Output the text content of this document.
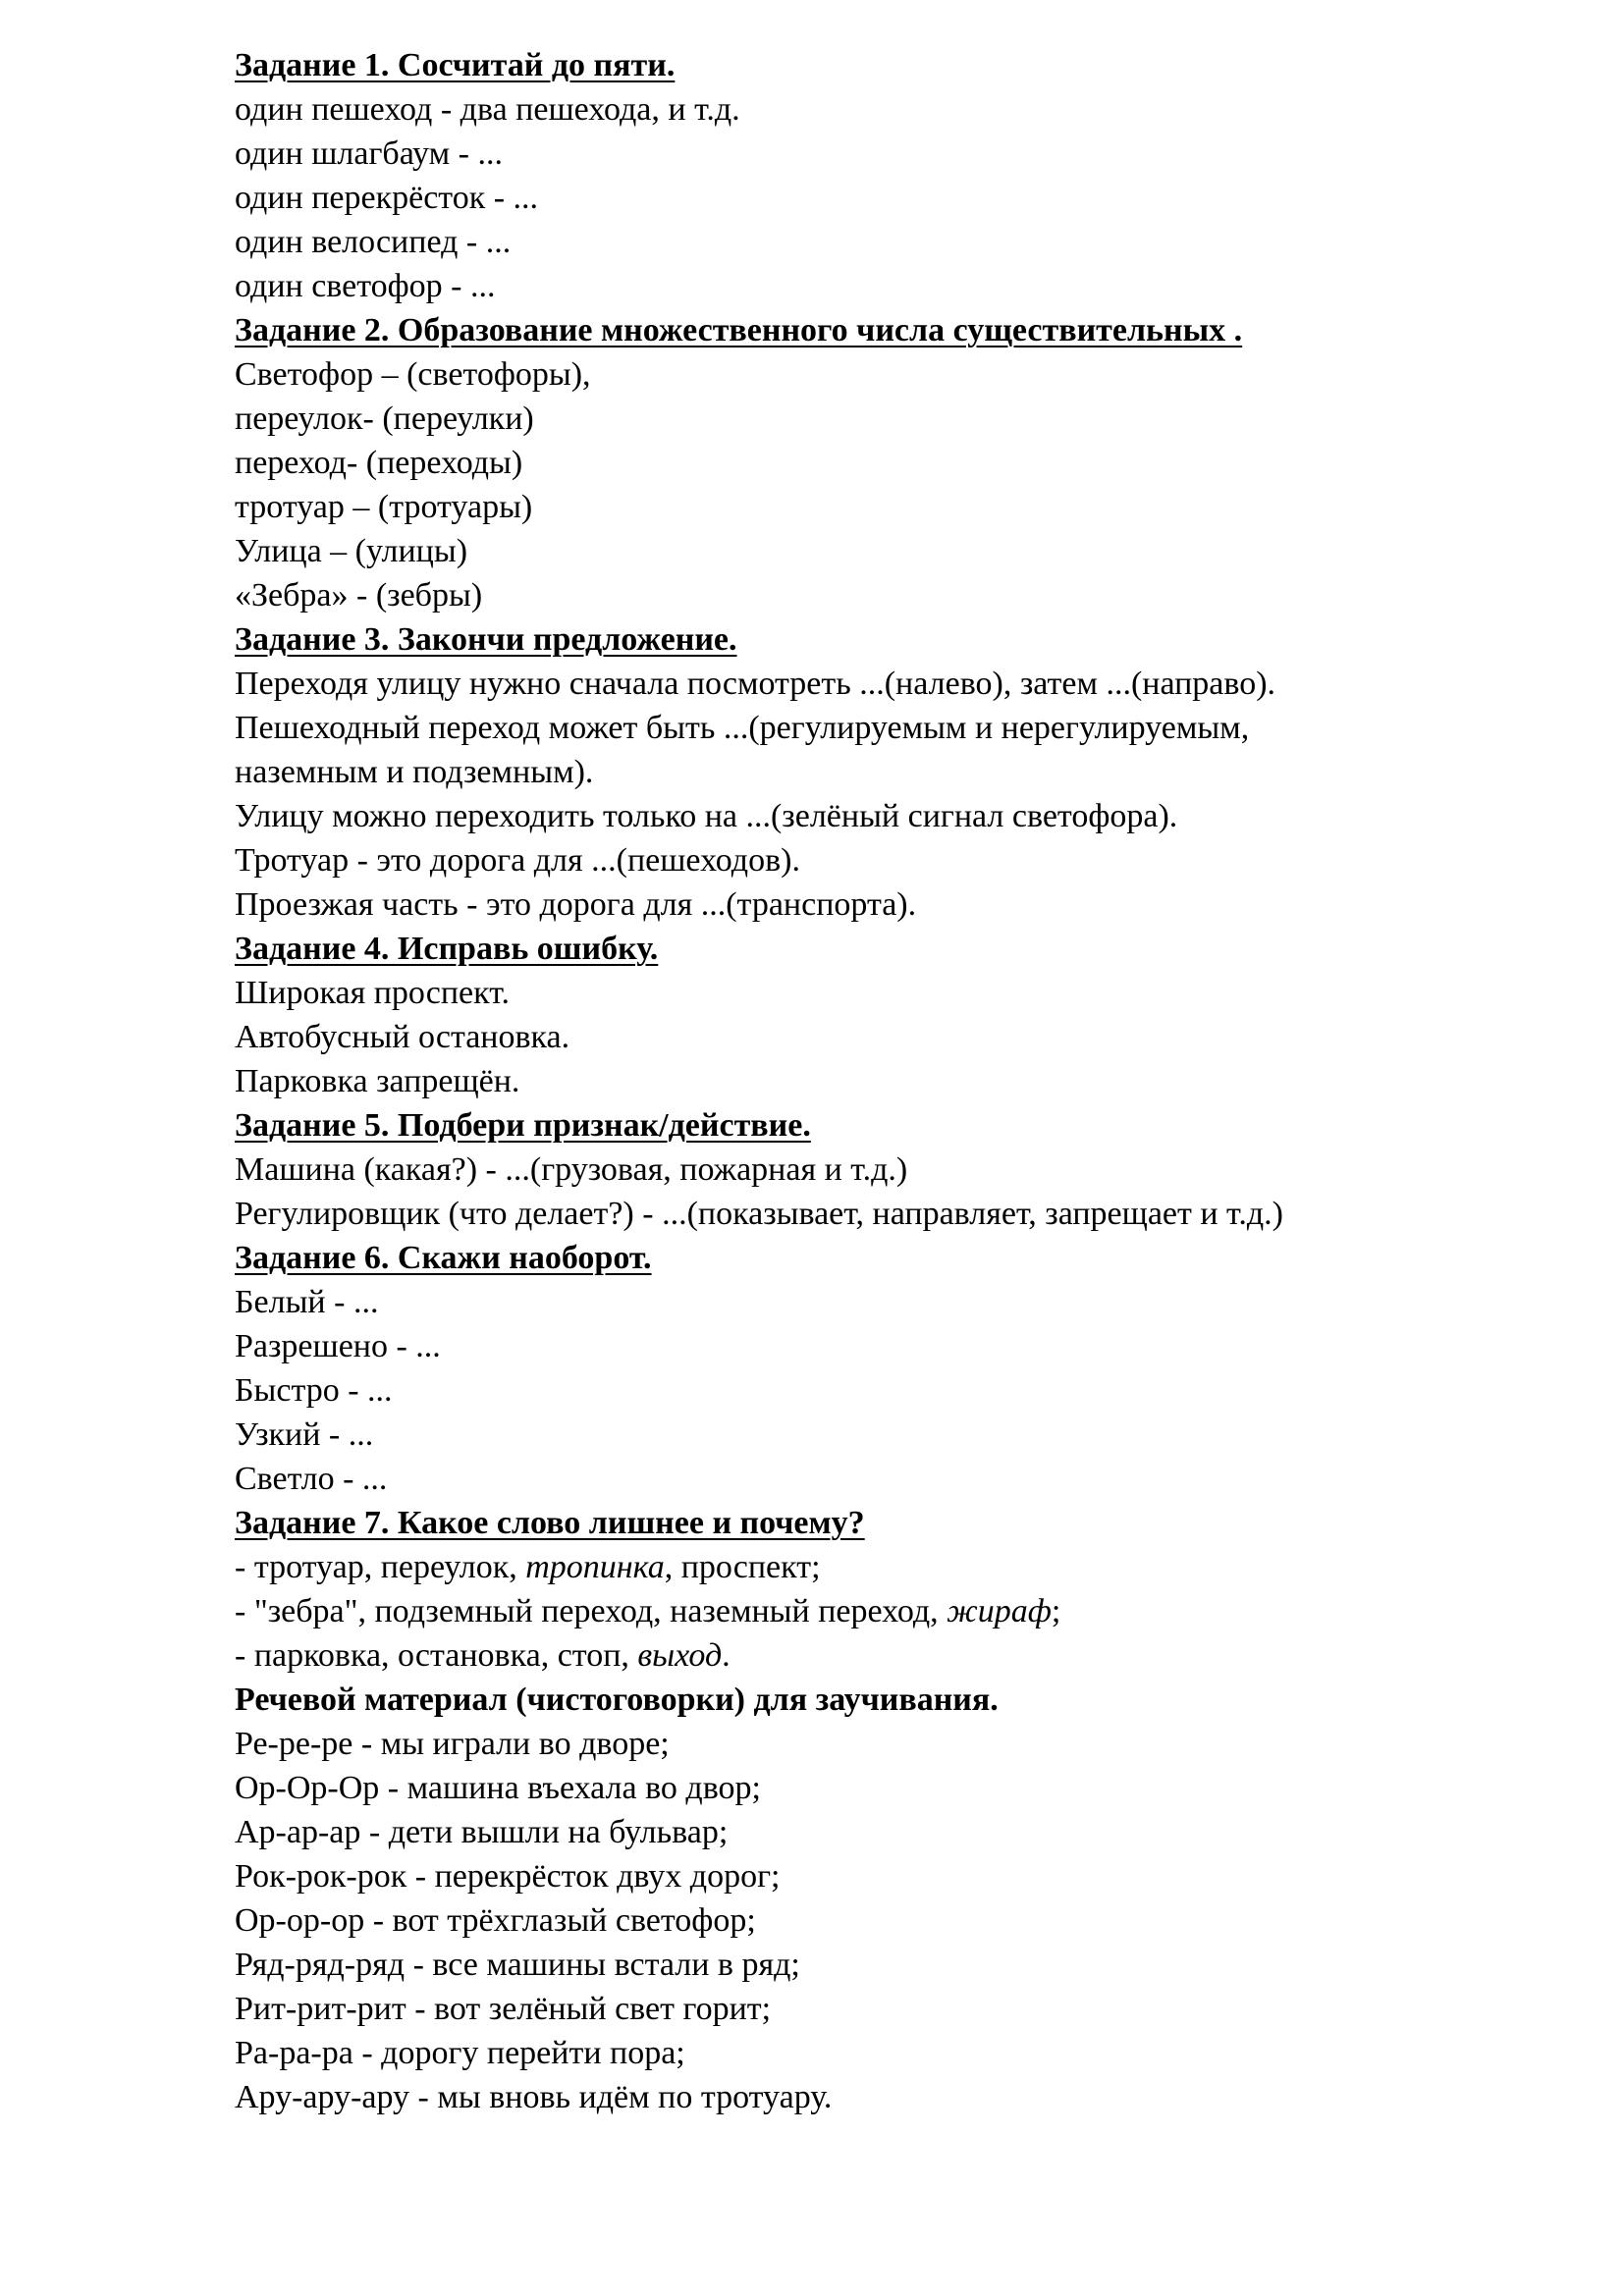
Задание 1. Сосчитай до пяти.

один пешеход - два пешехода, и т.д.

один шлагбаум - ...

один перекрёсток - ...

один велосипед - ...

один светофор - ...

Задание 2. Образование множественного числа существительных .

Светофор – (светофоры),

переулок- (переулки)

переход- (переходы)

тротуар – (тротуары)

Улица – (улицы)

«Зебра» - (зебры)

Задание 3. Закончи предложение.

Переходя улицу нужно сначала посмотреть ...(налево), затем ...(направо).

Пешеходный переход может быть ...(регулируемым и нерегулируемым,

наземным и подземным).

Улицу можно переходить только на ...(зелёный сигнал светофора).

Тротуар - это дорога для ...(пешеходов).

Проезжая часть - это дорога для ...(транспорта).

Задание 4. Исправь ошибку.

Широкая проспект.

Автобусный остановка.

Парковка запрещён.

Задание 5. Подбери признак/действие.

Машина (какая?) - ...(грузовая, пожарная и т.д.)

Регулировщик (что делает?) - ...(показывает, направляет, запрещает и т.д.)

Задание 6. Скажи наоборот.

Белый - ...

Разрешено - ...

Быстро - ...

Узкий - ...

Светло - ...

Задание 7. Какое слово лишнее и почему?

- тротуар, переулок, тропинка, проспект;

- "зебра", подземный переход, наземный переход, жираф;

- парковка, остановка, стоп, выход.

Речевой материал (чистоговорки) для заучивания.

Ре-ре-ре - мы играли во дворе;

Ор-Ор-Ор - машина въехала во двор;

Ар-ар-ар - дети вышли на бульвар;

Рок-рок-рок - перекрёсток двух дорог;

Ор-ор-ор - вот трёхглазый светофор;

Ряд-ряд-ряд - все машины встали в ряд;

Рит-рит-рит - вот зелёный свет горит;

Ра-ра-ра - дорогу перейти пора;

Ару-ару-ару - мы вновь идём по тротуару.
